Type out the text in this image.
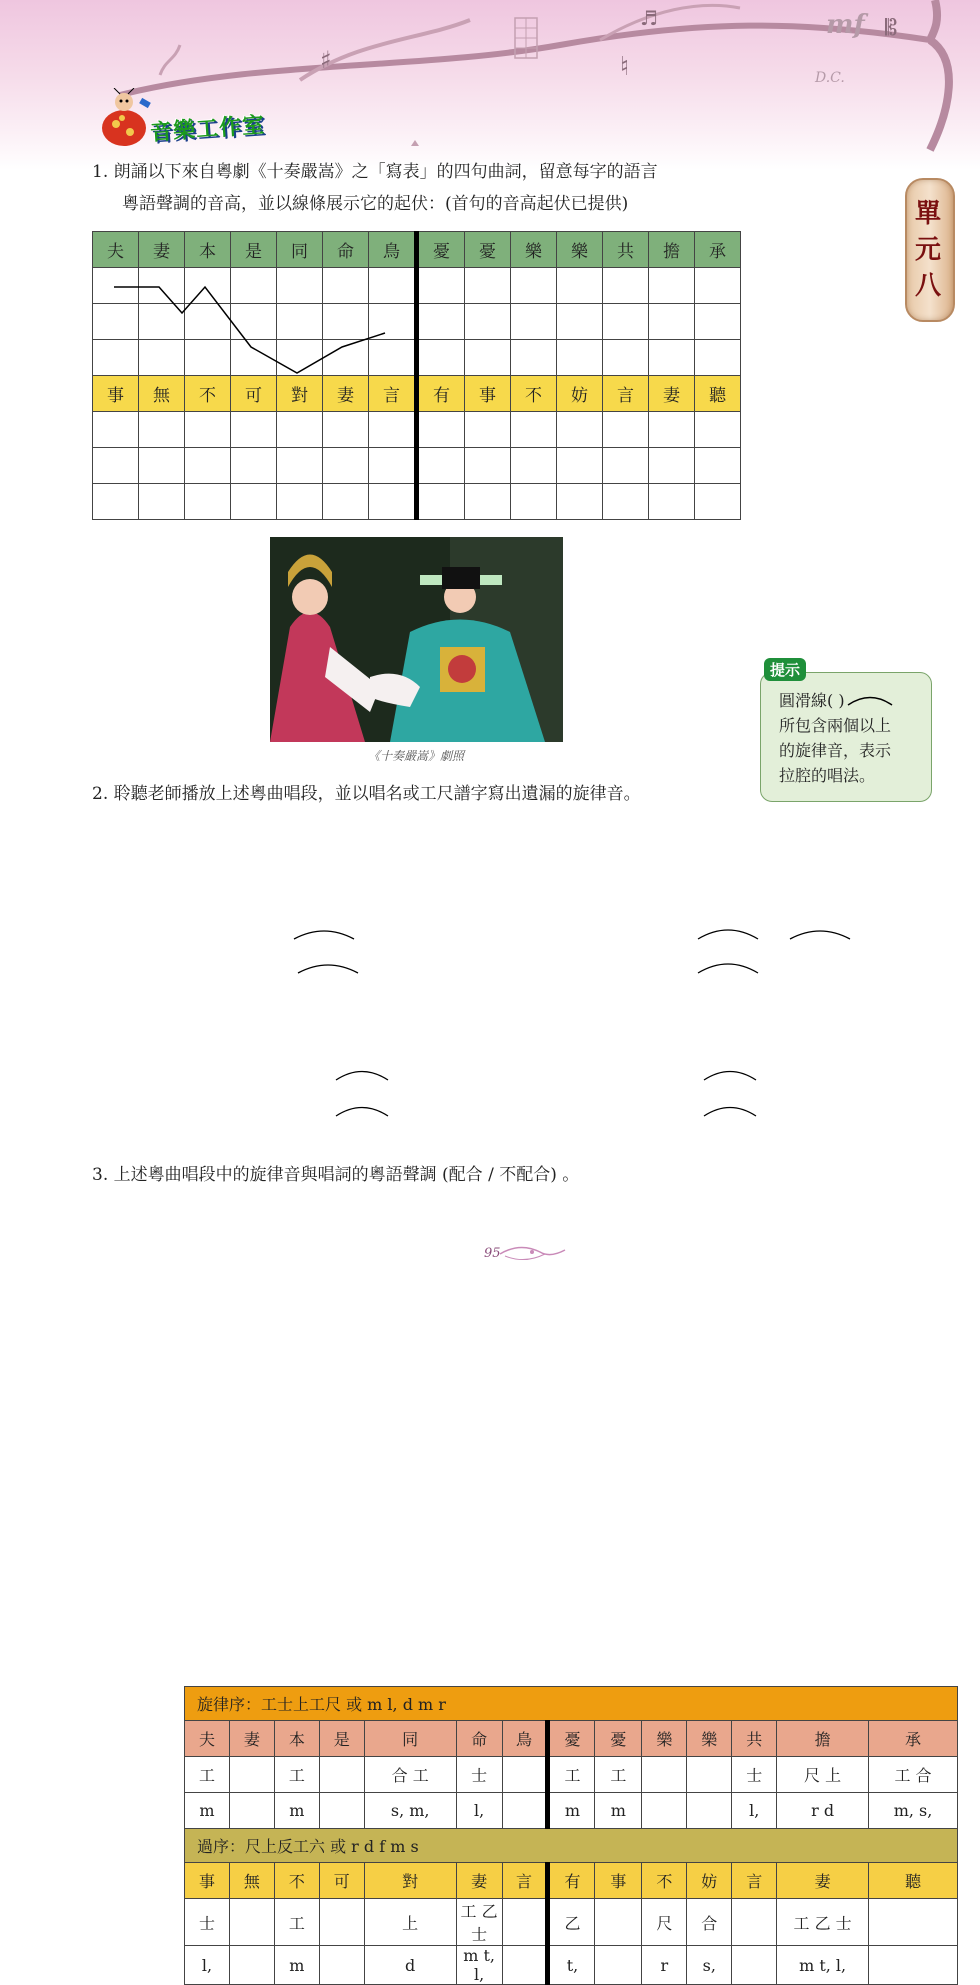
♯	♮
♬	𝄡
mf
D.C.
音樂工作室
單元八
1. 朗誦以下來自粵劇《十奏嚴嵩》之「寫表」的四句曲詞，留意每字的語言
粵語聲調的音高，並以線條展示它的起伏：(首句的音高起伏已提供)
夫	妻	本	是	同	命	鳥	憂	憂	樂	樂	共	擔	承

事	無	不	可	對	妻	言	有	事	不	妨	言	妻	聽

《十奏嚴嵩》劇照
提示
圓滑線( )
所包含兩個以上
的旋律音，表示
拉腔的唱法。
2. 聆聽老師播放上述粵曲唱段，並以唱名或工尺譜字寫出遺漏的旋律音。
旋律序：工士上工尺 或 m l, d m r													
夫	妻	本	是	同	命	鳥	憂	憂	樂	樂	共	擔	承
工		工		合 工	士		工	工			士	尺 上	工 合
m		m		s, m,	l,		m	m			l,	r d	m, s,
過序：尺上反工六 或 r d f m s													
事	無	不	可	對	妻	言	有	事	不	妨	言	妻	聽
士		工		上	工 乙 士		乙		尺	合		工 乙 士	
l,		m		d	m t, l,		t,		r	s,		m t, l,	
3. 上述粵曲唱段中的旋律音與唱詞的粵語聲調 (配合 / 不配合) 。
95
